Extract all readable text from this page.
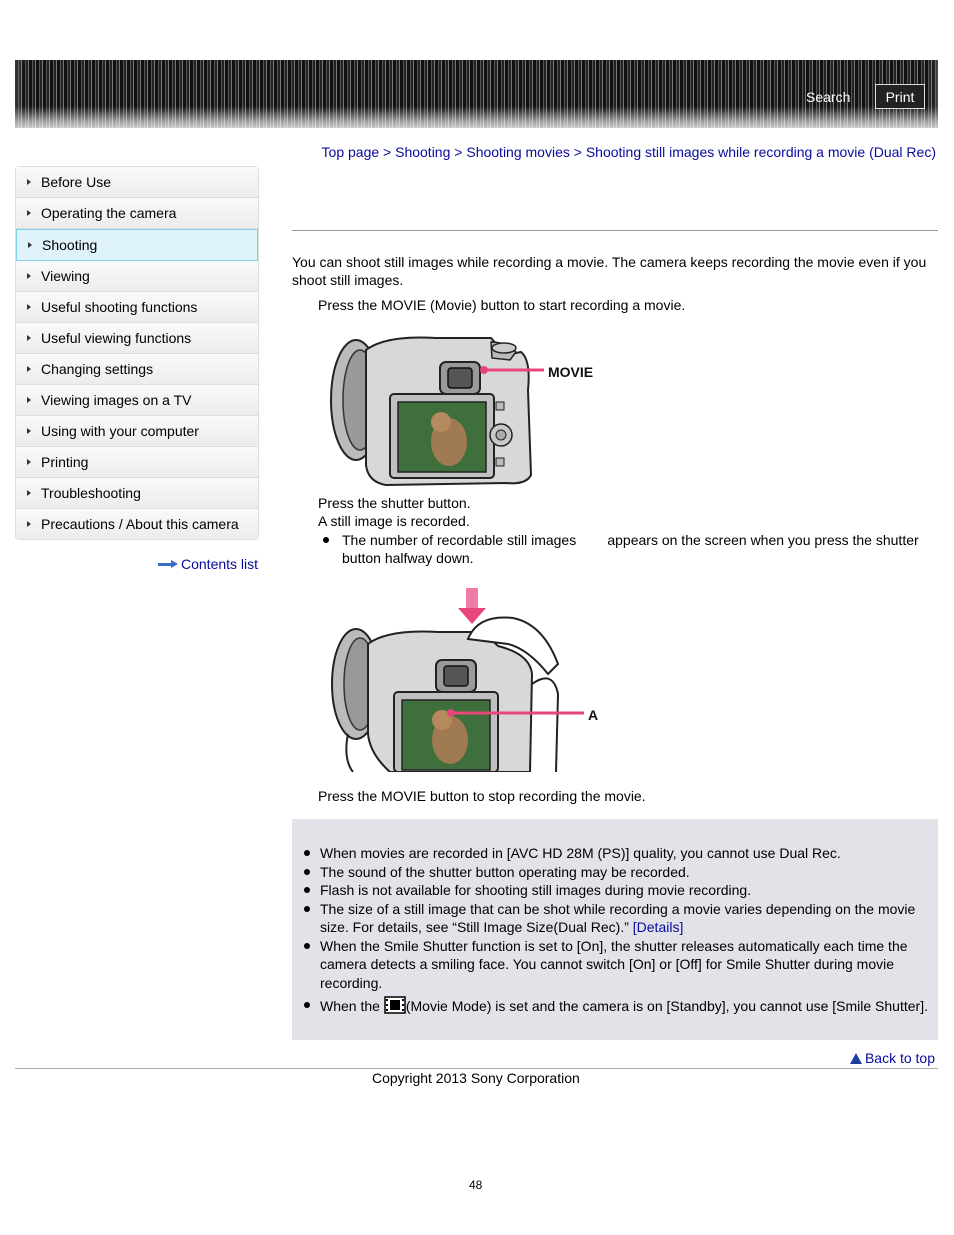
Search	Print
Top page > Shooting > Shooting movies > Shooting still images while recording a movie (Dual Rec)
Before Use
Operating the camera
Shooting
Viewing
Useful shooting functions
Useful viewing functions
Changing settings
Viewing images on a TV
Using with your computer
Printing
Troubleshooting
Precautions / About this camera
Contents list
You can shoot still images while recording a movie. The camera keeps recording the movie even if you shoot still images.
Press the MOVIE (Movie) button to start recording a movie.
MOVIE
Press the shutter button.
A still image is recorded.
The number of recordable still images appears on the screen when you press the shutter button halfway down.
A
Press the MOVIE button to stop recording the movie.
When movies are recorded in [AVC HD 28M (PS)] quality, you cannot use Dual Rec.
The sound of the shutter button operating may be recorded.
Flash is not available for shooting still images during movie recording.
The size of a still image that can be shot while recording a movie varies depending on the movie size. For details, see “Still Image Size(Dual Rec).” [Details]
When the Smile Shutter function is set to [On], the shutter releases automatically each time the camera detects a smiling face. You cannot switch [On] or [Off] for Smile Shutter during movie recording.
When the (Movie Mode) is set and the camera is on [Standby], you cannot use [Smile Shutter].
Back to top
Copyright 2013 Sony Corporation
48
